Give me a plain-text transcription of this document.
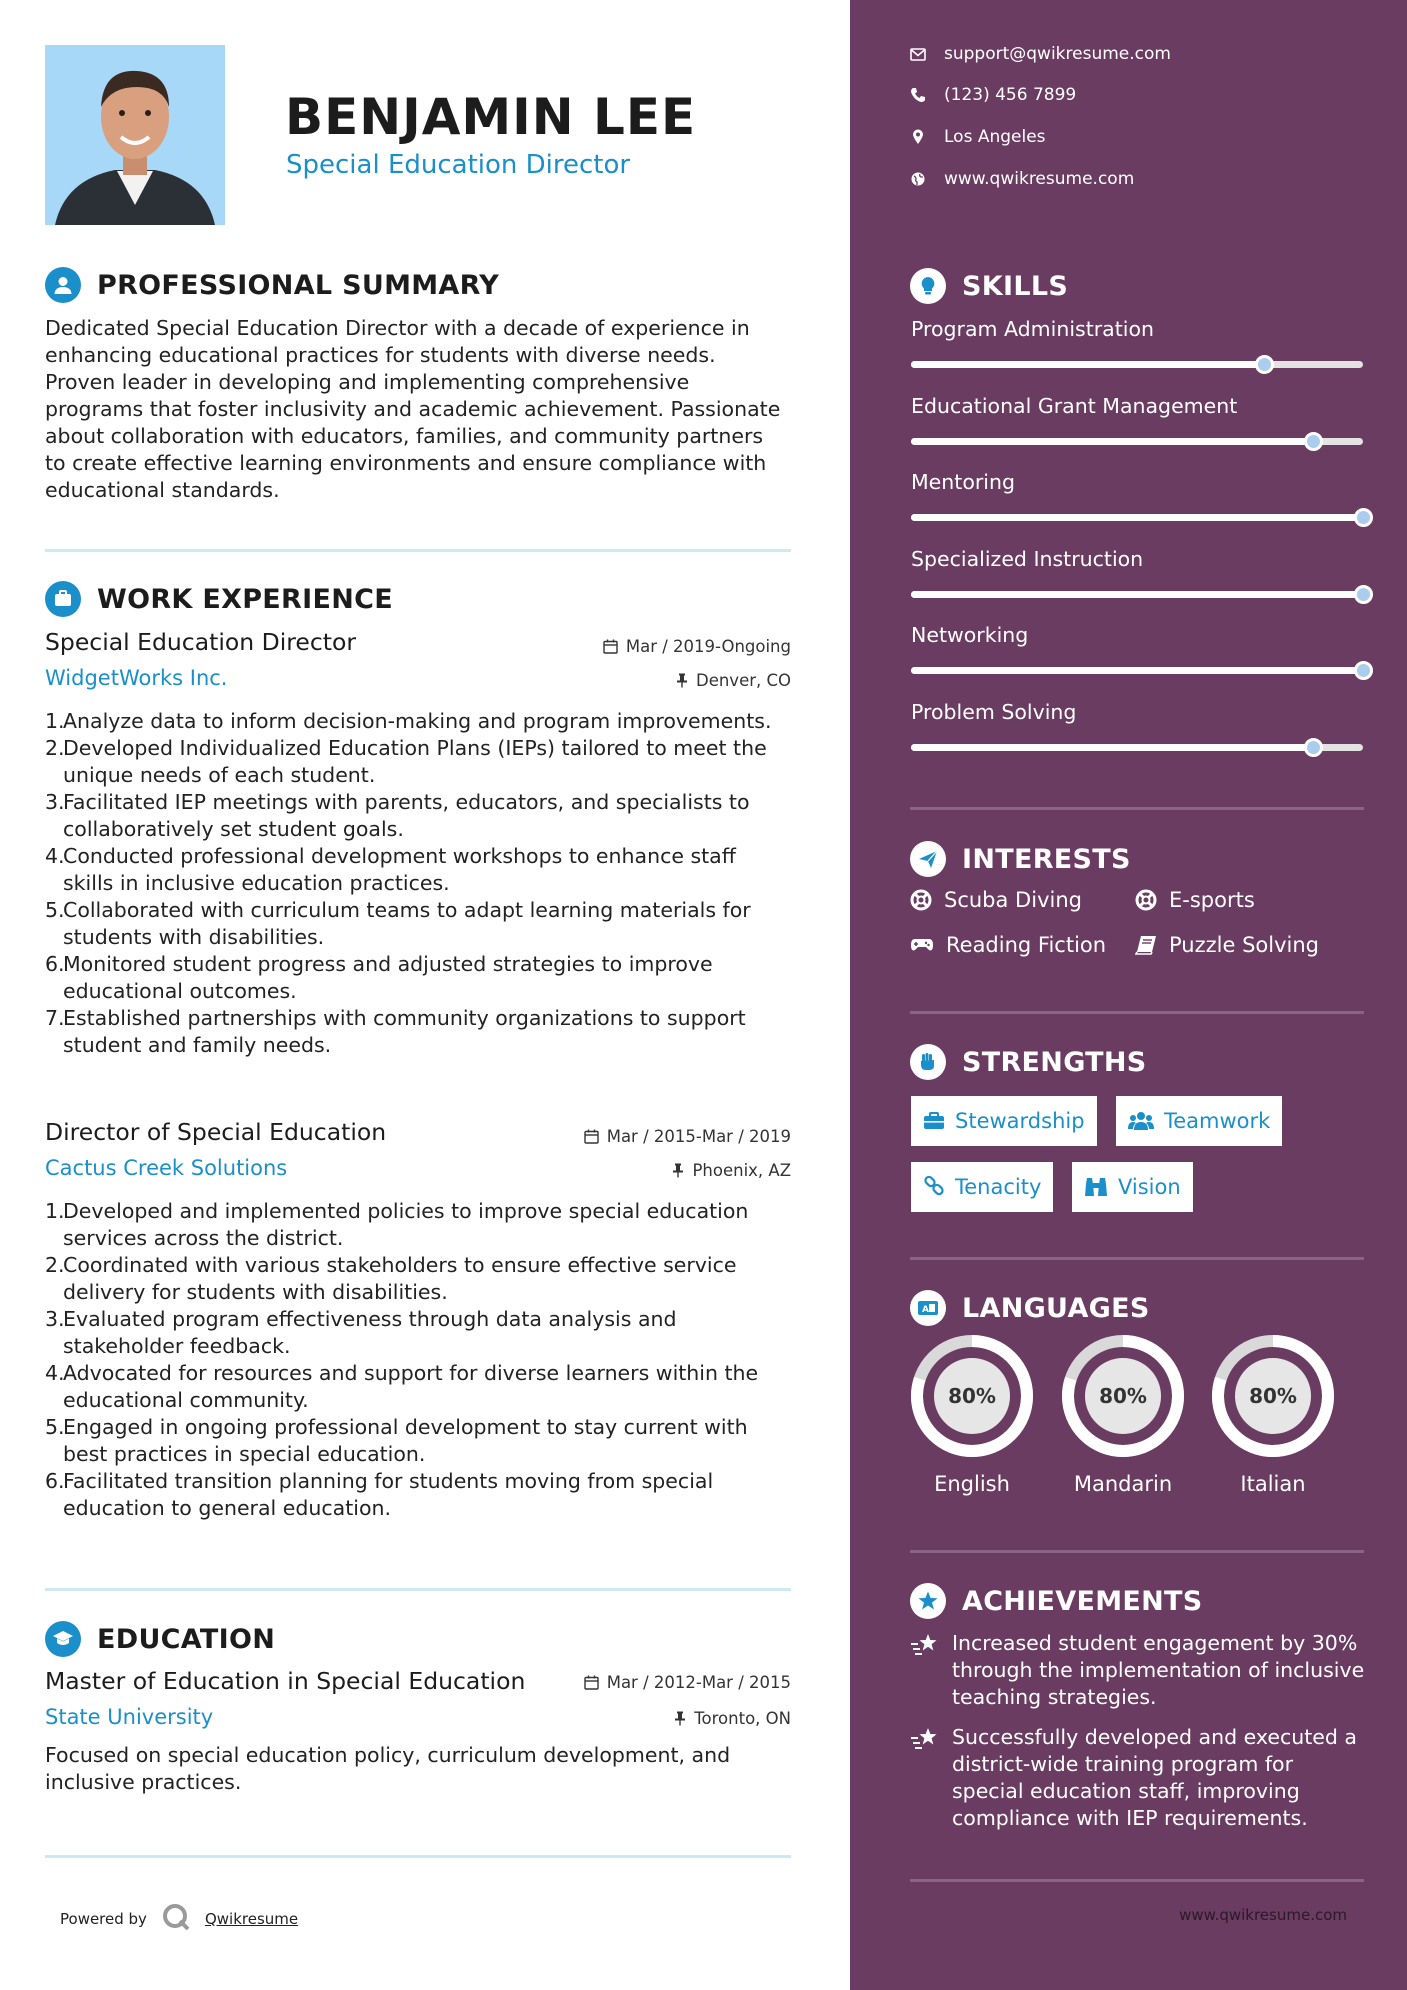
BENJAMIN LEE
Special Education Director
PROFESSIONAL SUMMARY
Dedicated Special Education Director with a decade of experience in enhancing educational practices for students with diverse needs. Proven leader in developing and implementing comprehensive programs that foster inclusivity and academic achievement. Passionate about collaboration with educators, families, and community partners to create effective learning environments and ensure compliance with educational standards.
WORK EXPERIENCE
Special Education Director	Mar / 2019-Ongoing
WidgetWorks Inc.	Denver, CO
1.
Analyze data to inform decision-making and program improvements.
2.
Developed Individualized Education Plans (IEPs) tailored to meet the unique needs of each student.
3.
Facilitated IEP meetings with parents, educators, and specialists to collaboratively set student goals.
4.
Conducted professional development workshops to enhance staff skills in inclusive education practices.
5.
Collaborated with curriculum teams to adapt learning materials for students with disabilities.
6.
Monitored student progress and adjusted strategies to improve educational outcomes.
7.
Established partnerships with community organizations to support student and family needs.
Director of Special Education	Mar / 2015-Mar / 2019
Cactus Creek Solutions	Phoenix, AZ
1.
Developed and implemented policies to improve special education services across the district.
2.
Coordinated with various stakeholders to ensure effective service delivery for students with disabilities.
3.
Evaluated program effectiveness through data analysis and stakeholder feedback.
4.
Advocated for resources and support for diverse learners within the educational community.
5.
Engaged in ongoing professional development to stay current with best practices in special education.
6.
Facilitated transition planning for students moving from special education to general education.
EDUCATION
Master of Education in Special Education	Mar / 2012-Mar / 2015
State University	Toronto, ON
Focused on special education policy, curriculum development, and inclusive practices.
Powered by	Qwikresume
support@qwikresume.com
(123) 456 7899
Los Angeles
www.qwikresume.com
SKILLS
Program Administration
Educational Grant Management
Mentoring
Specialized Instruction
Networking
Problem Solving
INTERESTS
Scuba Diving	E-sports
Reading Fiction	Puzzle Solving
STRENGTHS
Stewardship	Teamwork
Tenacity	Vision
A LANGUAGES
80%
English
80%
Mandarin
80%
Italian
ACHIEVEMENTS
Increased student engagement by 30% through the implementation of inclusive teaching strategies.
Successfully developed and executed a district-wide training program for special education staff, improving compliance with IEP requirements.
www.qwikresume.com
